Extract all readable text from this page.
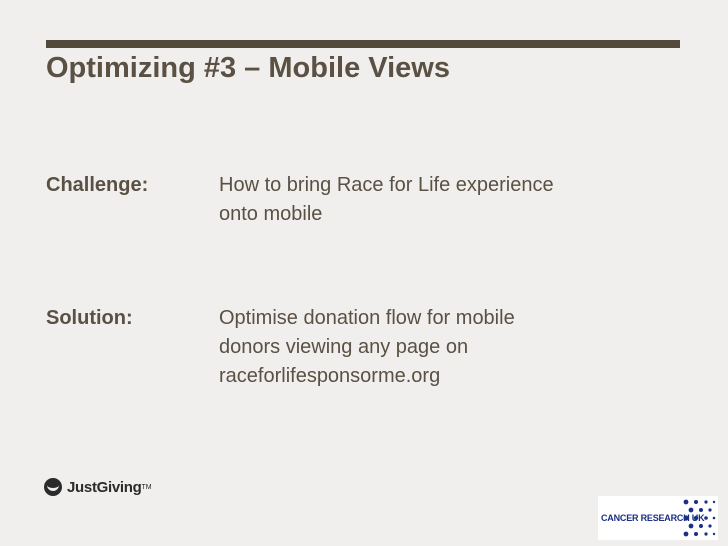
Optimizing #3 – Mobile Views
Challenge:	How to bring Race for Life experience
onto mobile
Solution:	Optimise donation flow for mobile
donors viewing any page on
raceforlifesponsorme.org
JustGiving TM
CANCER RESEARCH UK
